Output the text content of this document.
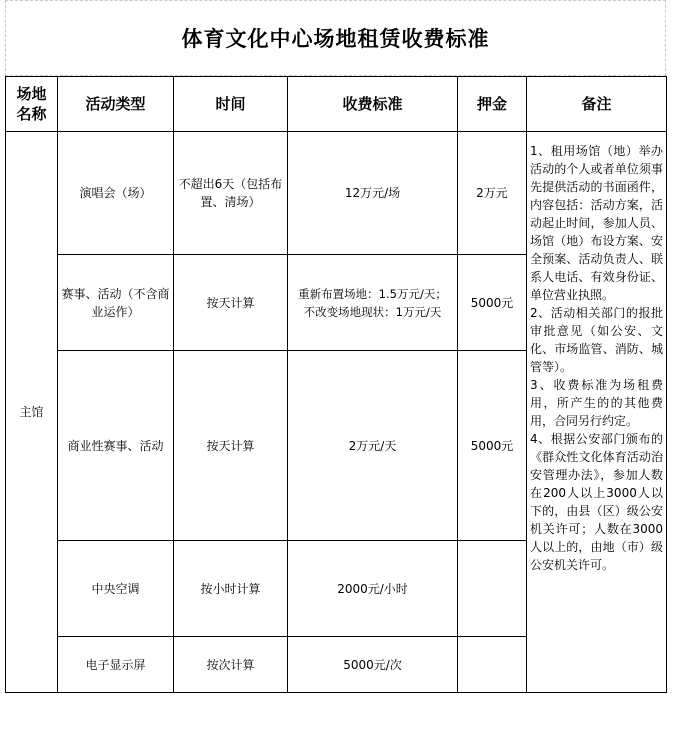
体育文化中心场地租赁收费标准
场地名称	活动类型	时间	收费标准	押金	备注
主馆	演唱会（场）	不超出6天（包括布置、清场）	12万元/场	2万元	1、租用场馆（地）举办活动的个人或者单位须事先提供活动的书面函件，内容包括：活动方案，活动起止时间，参加人员、场馆（地）布设方案、安全预案、活动负责人、联系人电话、有效身份证、单位营业执照。

2、活动相关部门的报批审批意见（如公安、文化、市场监管、消防、城管等）。

3、收费标准为场租费用，所产生的的其他费用，合同另行约定。

4、根据公安部门颁布的《群众性文化体育活动治安管理办法》，参加人数在200人以上3000人以下的，由县（区）级公安机关许可；人数在3000人以上的，由地（市）级公安机关许可。

	赛事、活动（不含商业运作）	按天计算	重新布置场地：1.5万元/天；
不改变场地现状：1万元/天	5000元	
	商业性赛事、活动	按天计算	2万元/天	5000元	
	中央空调	按小时计算	2000元/小时		
	电子显示屏	按次计算	5000元/次		
